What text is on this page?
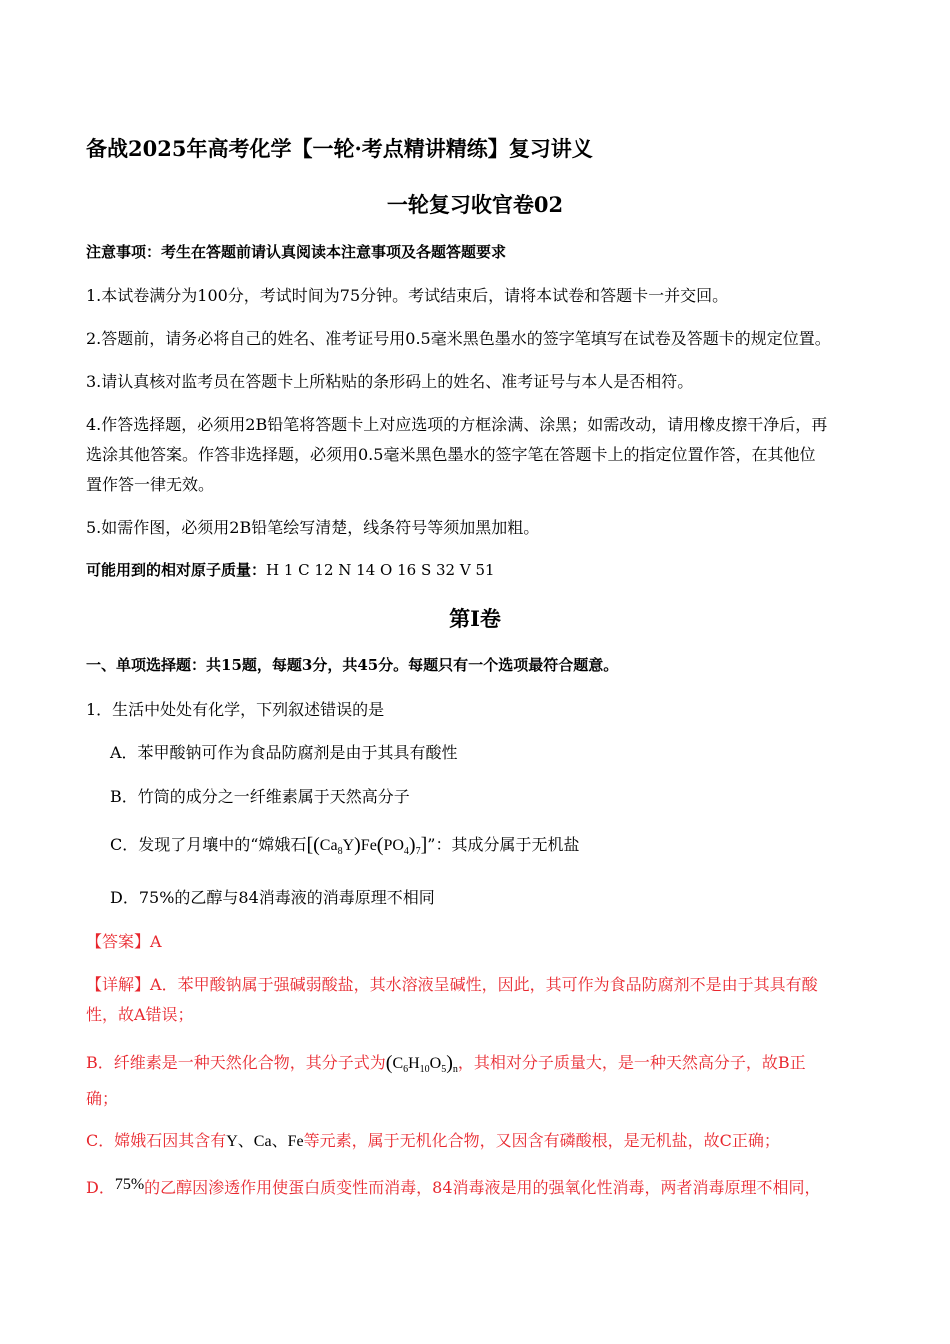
备战2025年高考化学【一轮·考点精讲精练】复习讲义
一轮复习收官卷02
注意事项：考生在答题前请认真阅读本注意事项及各题答题要求
1.本试卷满分为100分，考试时间为75分钟。考试结束后，请将本试卷和答题卡一并交回。
2.答题前，请务必将自己的姓名、准考证号用0.5毫米黑色墨水的签字笔填写在试卷及答题卡的规定位置。
3.请认真核对监考员在答题卡上所粘贴的条形码上的姓名、准考证号与本人是否相符。
4.作答选择题，必须用2B铅笔将答题卡上对应选项的方框涂满、涂黑；如需改动，请用橡皮擦干净后，再
选涂其他答案。作答非选择题，必须用0.5毫米黑色墨水的签字笔在答题卡上的指定位置作答，在其他位
置作答一律无效。
5.如需作图，必须用2B铅笔绘写清楚，线条符号等须加黑加粗。
可能用到的相对原子质量：H 1 C 12 N 14 O 16 S 32 V 51
第Ⅰ卷
一、单项选择题：共15题，每题3分，共45分。每题只有一个选项最符合题意。
1．生活中处处有化学，下列叙述错误的是
A．苯甲酸钠可作为食品防腐剂是由于其具有酸性
B．竹筒的成分之一纤维素属于天然高分子
C．发现了月壤中的“嫦娥石$[(Ca_8Y)Fe(PO_4)_7]$”：其成分属于无机盐
D．75%的乙醇与84消毒液的消毒原理不相同
【答案】A
【详解】A．苯甲酸钠属于强碱弱酸盐，其水溶液呈碱性，因此，其可作为食品防腐剂不是由于其具有酸
性，故A错误；
B．纤维素是一种天然化合物，其分子式为$(C_6H_{10}O_5)_n$，其相对分子质量大，是一种天然高分子，故B正
确；
C．嫦娥石因其含有Y、Ca、Fe等元素，属于无机化合物，又因含有磷酸根，是无机盐，故C正确；
D．75%的乙醇因渗透作用使蛋白质变性而消毒，84消毒液是用的强氧化性消毒，两者消毒原理不相同，
